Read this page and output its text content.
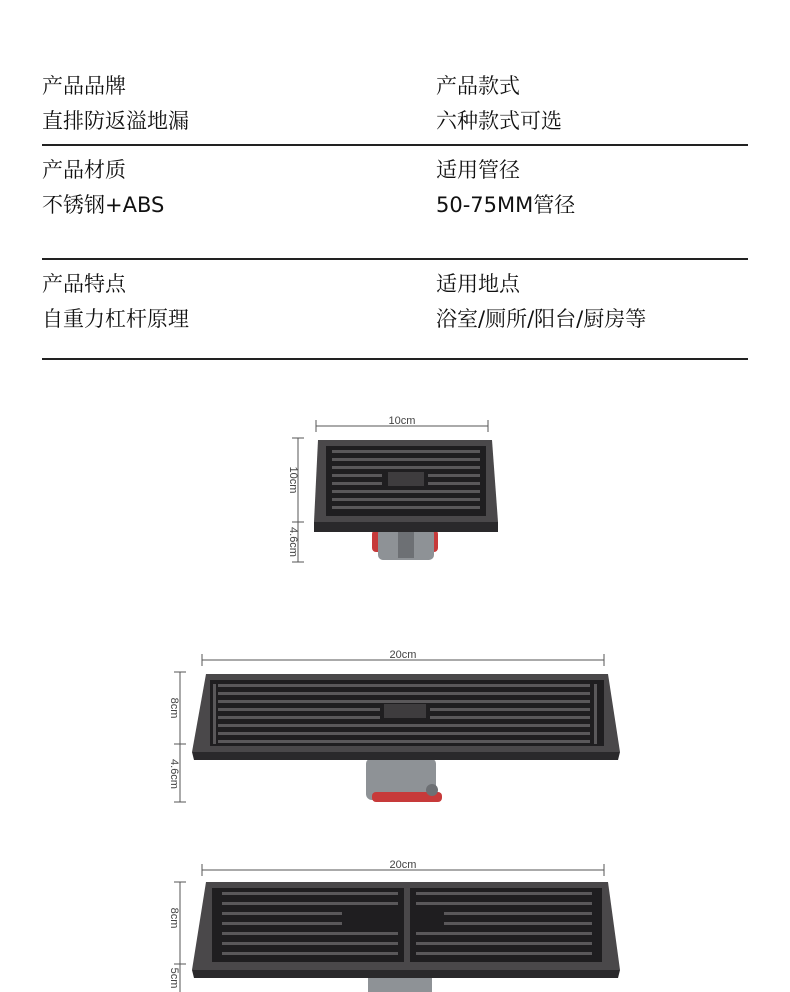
产品品牌
直排防返溢地漏
产品款式
六种款式可选
产品材质
不锈钢+ABS
适用管径
50-75MM管径
产品特点
自重力杠杆原理
适用地点
浴室/厕所/阳台/厨房等
10cm
10cm
4.6cm
20cm
8cm
4.6cm
20cm
8cm
5cm
